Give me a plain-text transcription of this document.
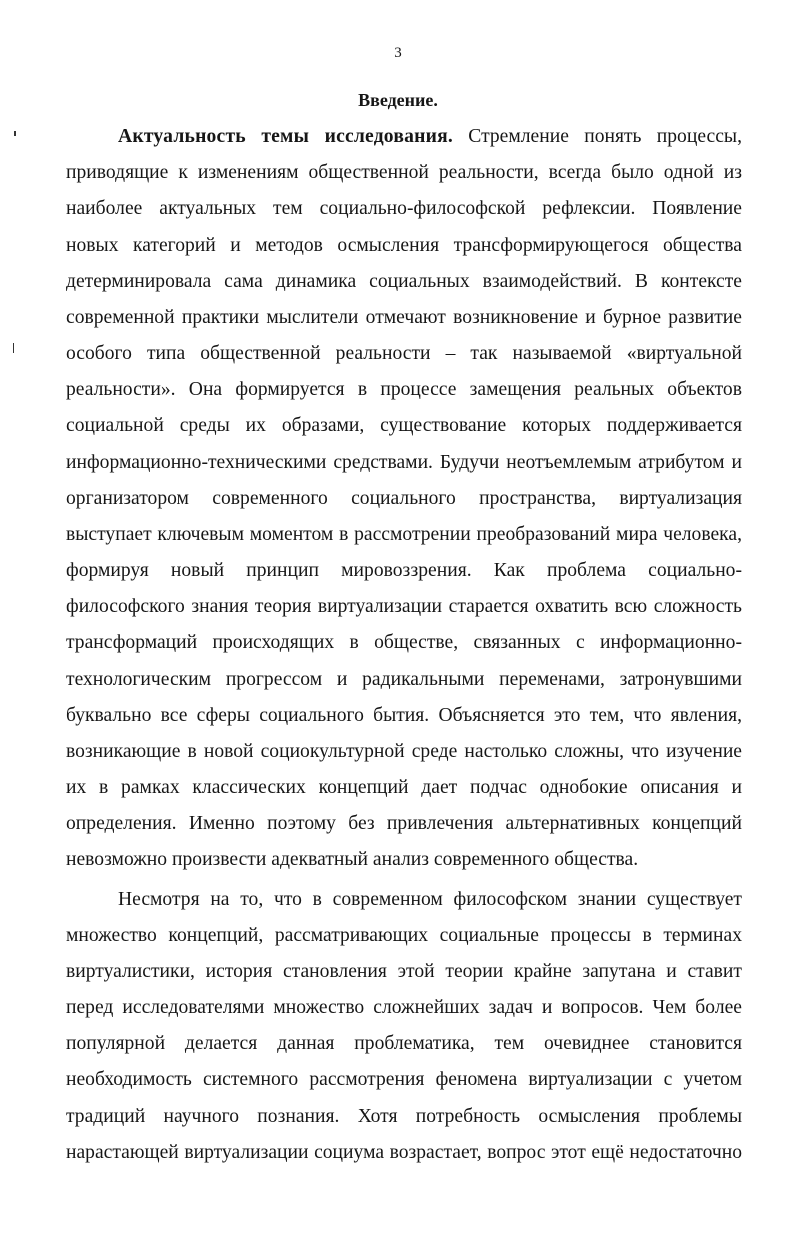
3
Введение.
Актуальность темы исследования. Стремление понять процессы,
приводящие к изменениям общественной реальности, всегда было одной из
наиболее актуальных тем социально-философской рефлексии. Появление
новых категорий и методов осмысления трансформирующегося общества
детерминировала сама динамика социальных взаимодействий. В контексте
современной практики мыслители отмечают возникновение и бурное развитие
особого типа общественной реальности – так называемой «виртуальной
реальности». Она формируется в процессе замещения реальных объектов
социальной среды их образами, существование которых поддерживается
информационно-техническими средствами. Будучи неотъемлемым атрибутом и
организатором современного социального пространства, виртуализация
выступает ключевым моментом в рассмотрении преобразований мира человека,
формируя новый принцип мировоззрения. Как проблема социально-
философского знания теория виртуализации старается охватить всю сложность
трансформаций происходящих в обществе, связанных с информационно-
технологическим прогрессом и радикальными переменами, затронувшими
буквально все сферы социального бытия. Объясняется это тем, что явления,
возникающие в новой социокультурной среде настолько сложны, что изучение
их в рамках классических концепций дает подчас однобокие описания и
определения. Именно поэтому без привлечения альтернативных концепций
невозможно произвести адекватный анализ современного общества.
Несмотря на то, что в современном философском знании существует
множество концепций, рассматривающих социальные процессы в терминах
виртуалистики, история становления этой теории крайне запутана и ставит
перед исследователями множество сложнейших задач и вопросов. Чем более
популярной делается данная проблематика, тем очевиднее становится
необходимость системного рассмотрения феномена виртуализации с учетом
традиций научного познания. Хотя потребность осмысления проблемы
нарастающей виртуализации социума возрастает, вопрос этот ещё недостаточно
